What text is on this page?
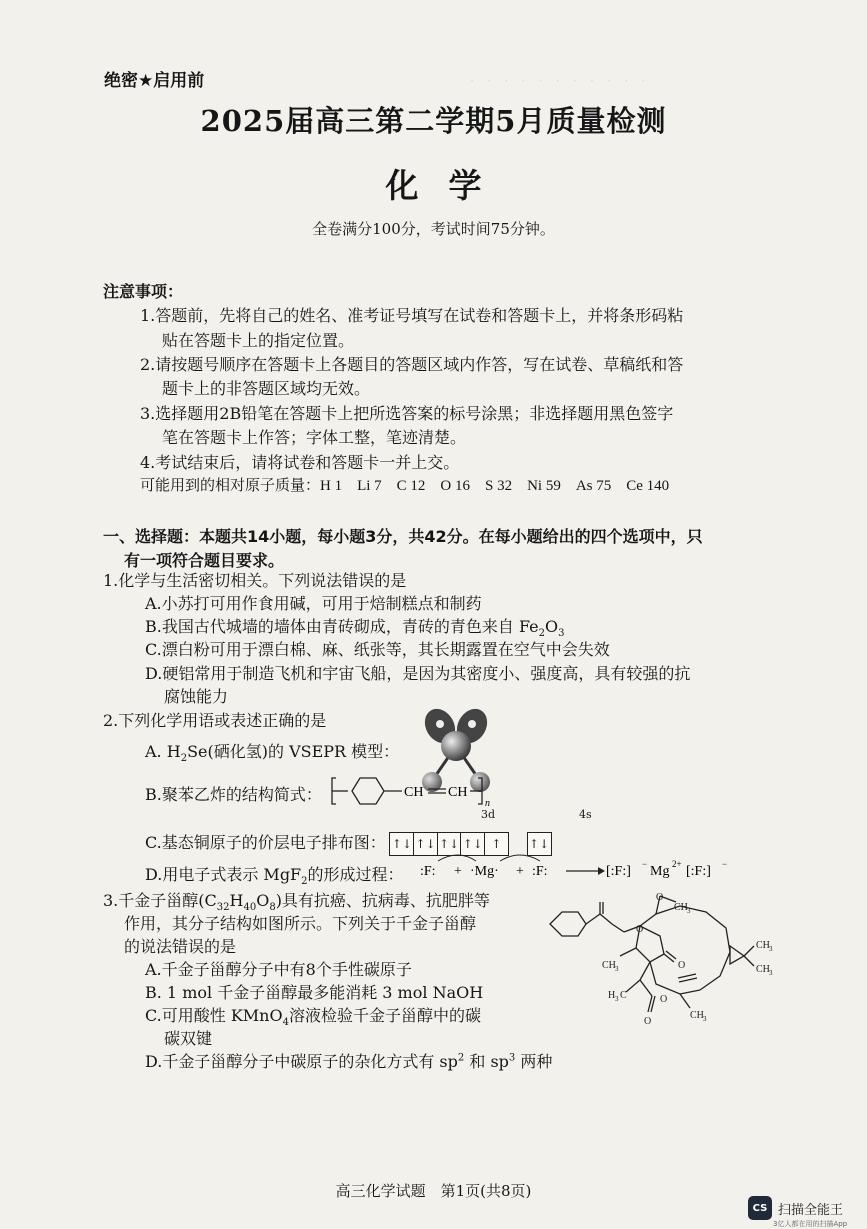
·　·　·　·　·　·　·　·　·　·　·
绝密★启用前
2025届高三第二学期5月质量检测
化学
全卷满分100分，考试时间75分钟。
注意事项：
1.答题前，先将自己的姓名、准考证号填写在试卷和答题卡上，并将条形码粘
贴在答题卡上的指定位置。
2.请按题号顺序在答题卡上各题目的答题区域内作答，写在试卷、草稿纸和答
题卡上的非答题区域均无效。
3.选择题用2B铅笔在答题卡上把所选答案的标号涂黑；非选择题用黑色签字
笔在答题卡上作答；字体工整，笔迹清楚。
4.考试结束后，请将试卷和答题卡一并上交。
可能用到的相对原子质量：H 1　Li 7　C 12　O 16　S 32　Ni 59　As 75　Ce 140
一、选择题：本题共14小题，每小题3分，共42分。在每小题给出的四个选项中，只
有一项符合题目要求。
1.化学与生活密切相关。下列说法错误的是
A.小苏打可用作食用碱，可用于焙制糕点和制药
B.我国古代城墙的墙体由青砖砌成，青砖的青色来自 $Fe_2O_3$
C.漂白粉可用于漂白棉、麻、纸张等，其长期露置在空气中会失效
D.硬铝常用于制造飞机和宇宙飞船，是因为其密度小、强度高，具有较强的抗
腐蚀能力
2.下列化学用语或表述正确的是
A. $H_2Se$(硒化氢)的 VSEPR 模型：
B.聚苯乙炸的结构简式：	CH CH
n
3d	4s
C.基态铜原子的价层电子排布图： ↑↓ ↑↓ ↑↓ ↑↓ ↑
	↑↓
D.用电子式表示 MgF$_2$的形成过程： :F: + ·Mg· + :F:	[:F:] − Mg 2+ [:F:] −
3.千金子甾醇$(C_{32}H_{40}O_8)$具有抗癌、抗病毒、抗肥胖等
作用，其分子结构如图所示。下列关于千金子甾醇
的说法错误的是
A.千金子甾醇分子中有8个手性碳原子
B. 1 mol 千金子甾醇最多能消耗 3 mol NaOH
C.可用酸性 KMnO$_4$溶液检验千金子甾醇中的碳
碳双键
D.千金子甾醇分子中碳原子的杂化方式有 $sp^2$ 和 $sp^3$ 两种
O
O
CH 3
CH 3
CH 3
CH 3
H 3 C
O
CH 3
O
O
高三化学试题　第1页(共8页)
CS 扫描全能王
3亿人都在用的扫描App
